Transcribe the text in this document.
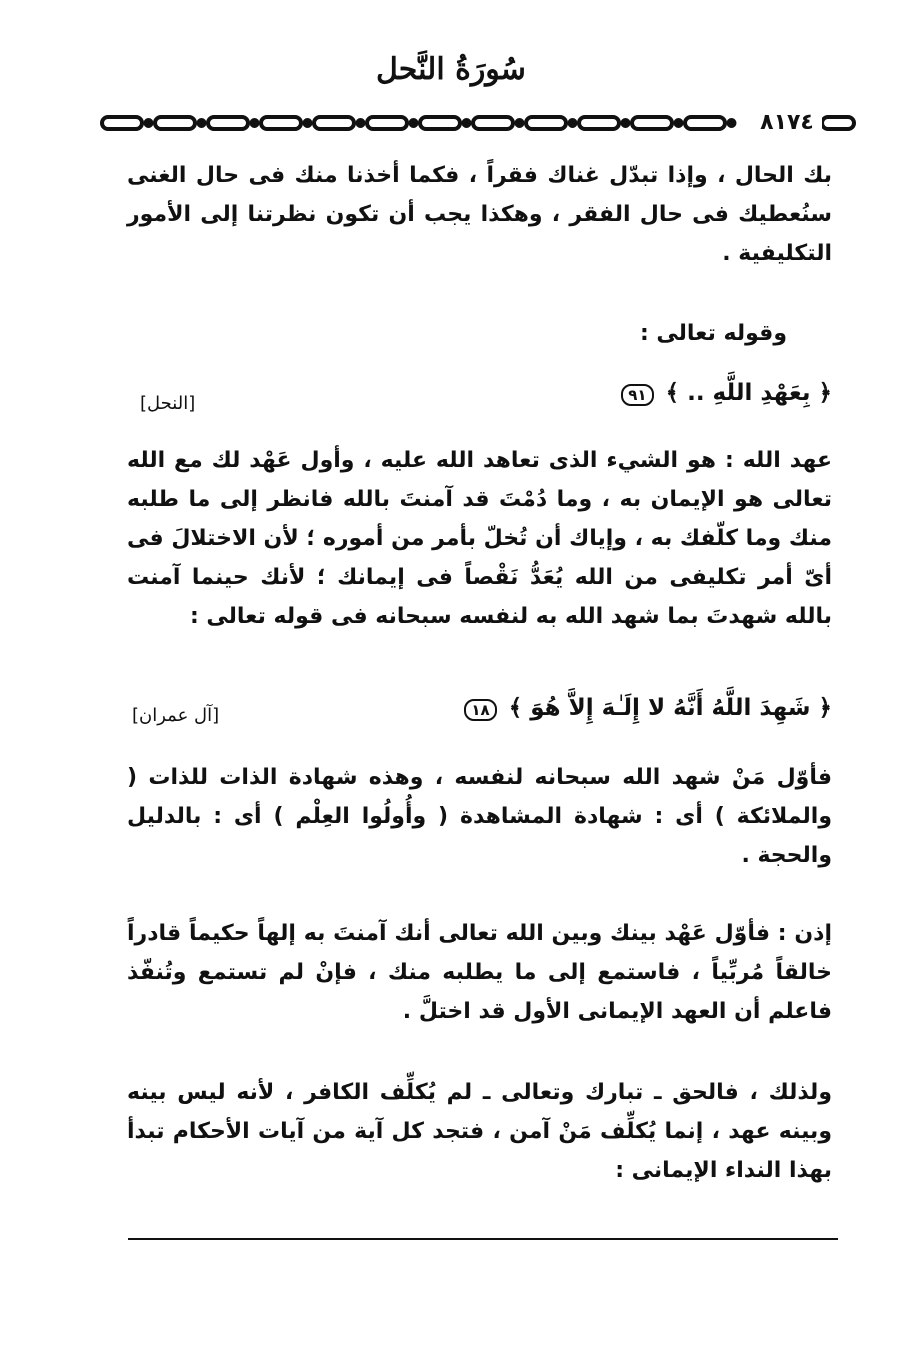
سُورَةُ النَّحل
٨١٧٤
بك الحال ، وإذا تبدّل غناك فقراً ، فكما أخذنا منك فى حال الغنى سنُعطيك فى حال الفقر ، وهكذا يجب أن تكون نظرتنا إلى الأمور التكليفية .
وقوله تعالى :
﴿ بِعَهْدِ اللَّهِ .. ﴾ ٩١
[النحل]
عهد الله : هو الشيء الذى تعاهد الله عليه ، وأول عَهْد لك مع الله تعالى هو الإيمان به ، وما دُمْتَ قد آمنتَ بالله فانظر إلى ما طلبه منك وما كلّفك به ، وإياك أن تُخلّ بأمر من أموره ؛ لأن الاختلالَ فى أىّ أمر تكليفى من الله يُعَدُّ نَقْصاً فى إيمانك ؛ لأنك حينما آمنت بالله شهدتَ بما شهد الله به لنفسه سبحانه فى قوله تعالى :
﴿ شَهِدَ اللَّهُ أَنَّهُ لا إِلَـٰهَ إِلاَّ هُوَ ﴾ ١٨
[آل عمران]
فأوّل مَنْ شهد الله سبحانه لنفسه ، وهذه شهادة الذات للذات ( والملائكة ) أى : شهادة المشاهدة ( وأُولُوا العِلْم ) أى : بالدليل والحجة .
إذن : فأوّل عَهْد بينك وبين الله تعالى أنك آمنتَ به إلهاً حكيماً قادراً خالقاً مُربِّياً ، فاستمع إلى ما يطلبه منك ، فإنْ لم تستمع وتُنفّذ فاعلم أن العهد الإيمانى الأول قد اختلَّ .
ولذلك ، فالحق ـ تبارك وتعالى ـ لم يُكلِّف الكافر ، لأنه ليس بينه وبينه عهد ، إنما يُكلِّف مَنْ آمن ، فتجد كل آية من آيات الأحكام تبدأ بهذا النداء الإيمانى :
